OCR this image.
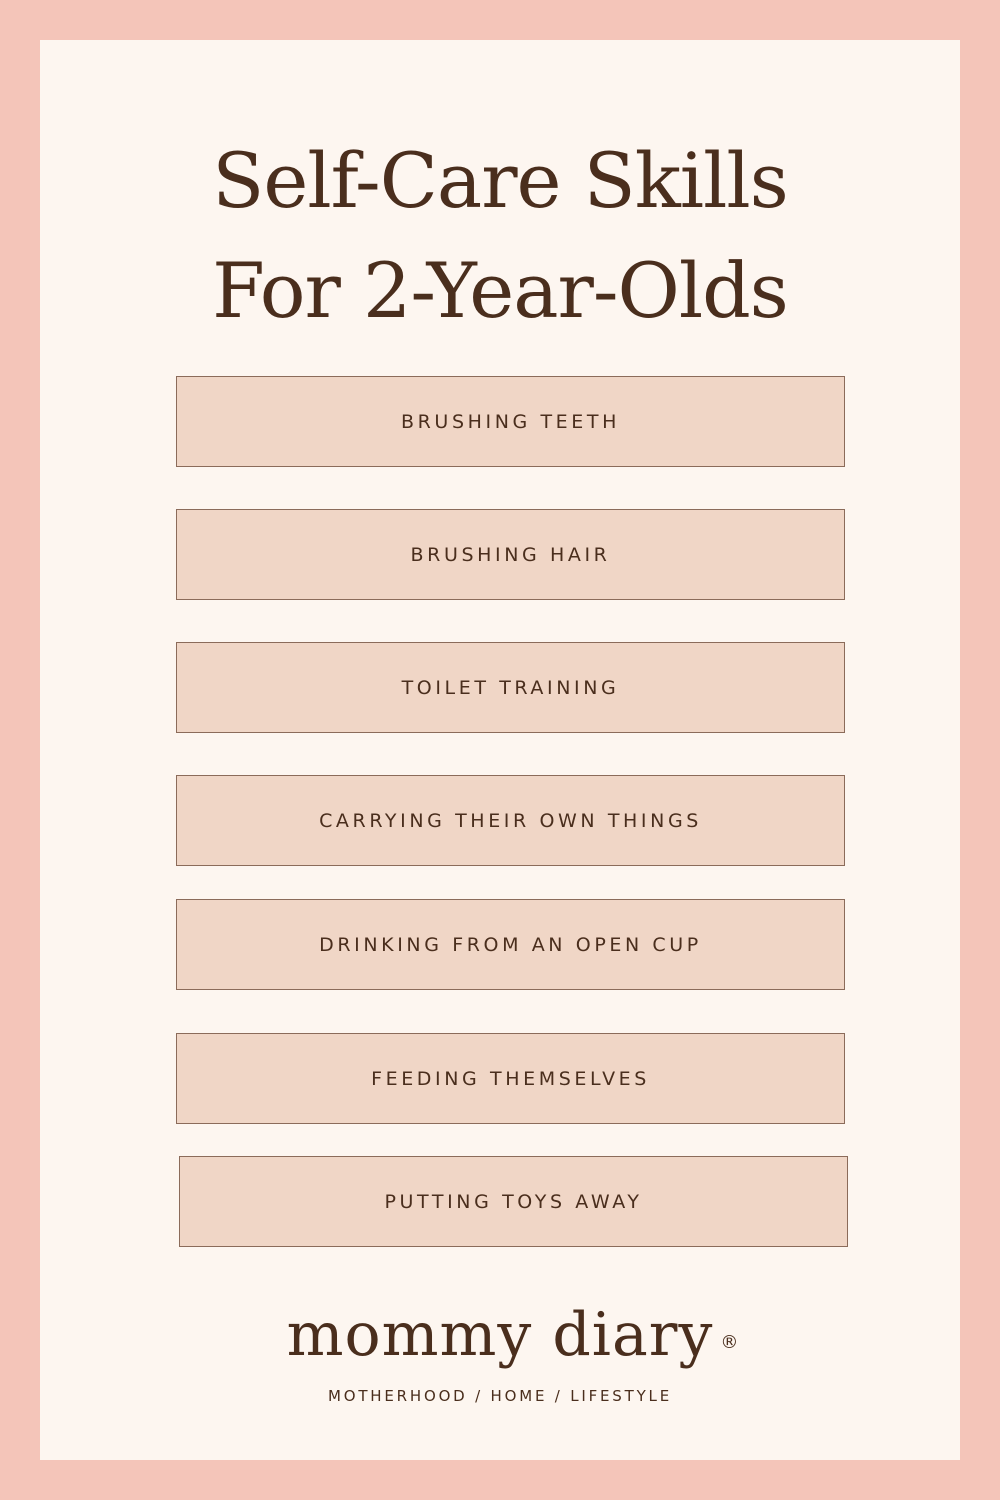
Self-Care Skills
For 2-Year-Olds
BRUSHING TEETH
BRUSHING HAIR
TOILET TRAINING
CARRYING THEIR OWN THINGS
DRINKING FROM AN OPEN CUP
FEEDING THEMSELVES
PUTTING TOYS AWAY
mommy diary ®
MOTHERHOOD / HOME / LIFESTYLE
